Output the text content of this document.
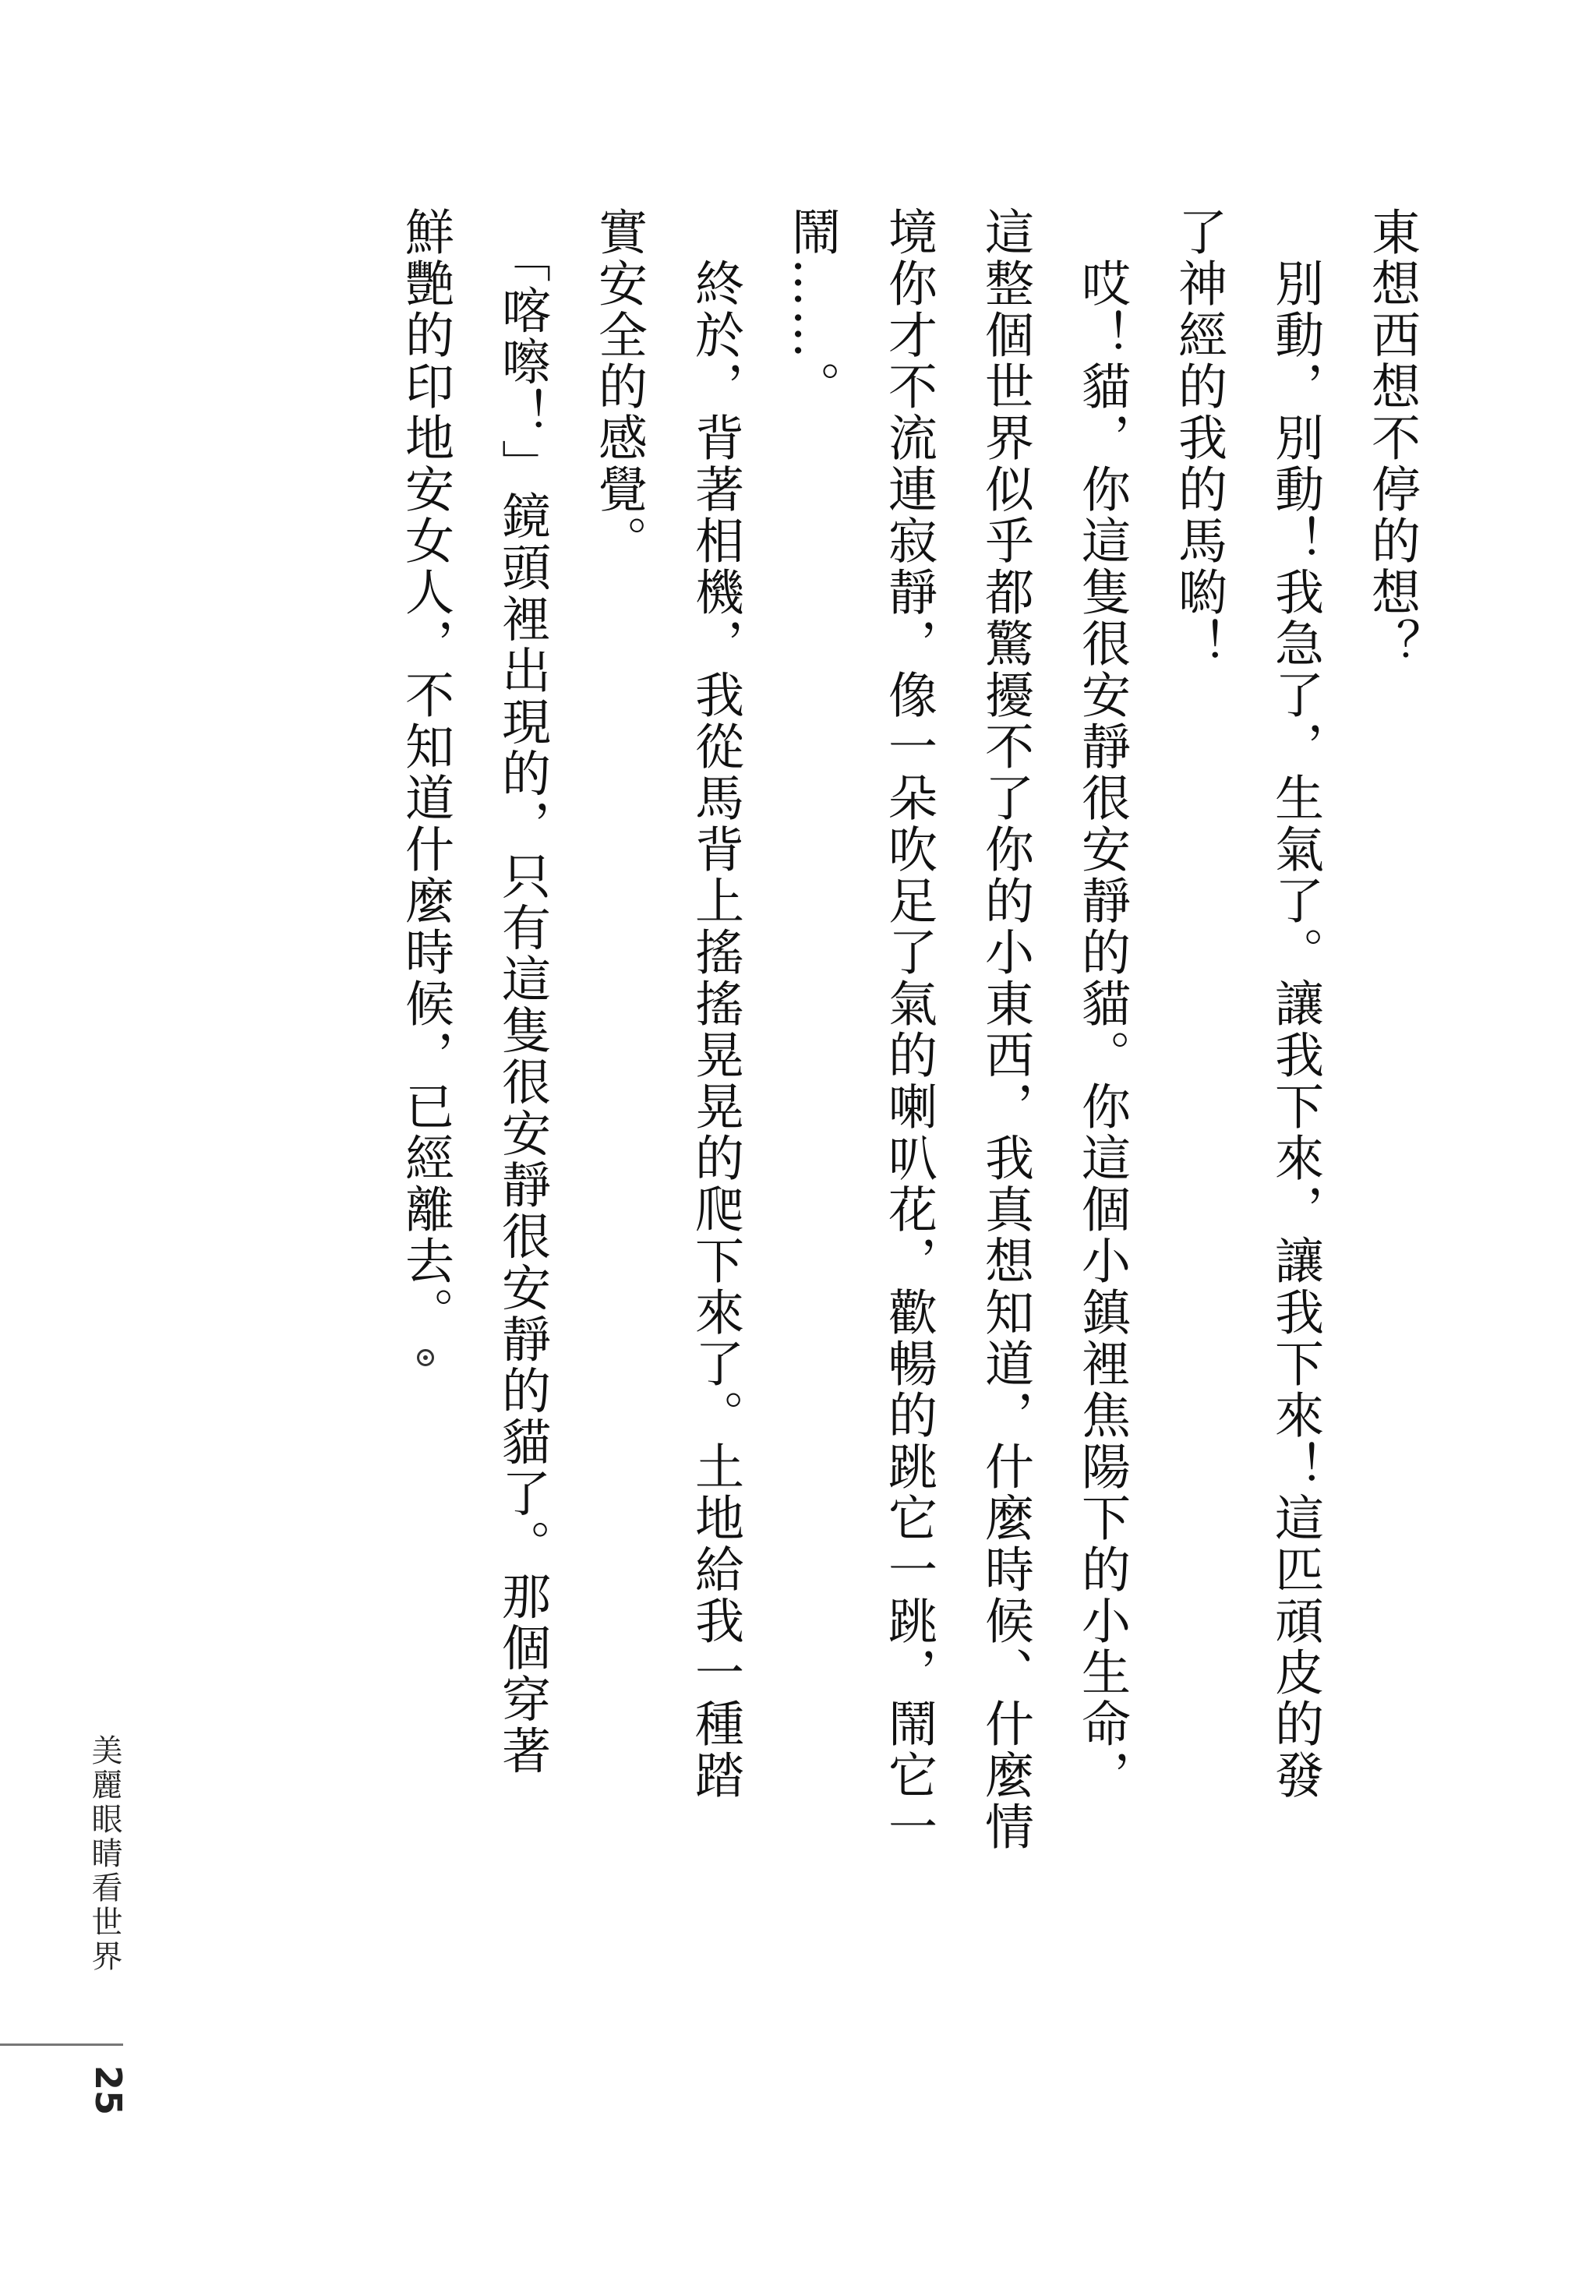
東想西想不停的想？

　別動，別動！我急了，生氣了。讓我下來，讓我下來！這匹頑皮的發

了神經的我的馬喲！

　哎！貓，你這隻很安靜很安靜的貓。你這個小鎮裡焦陽下的小生命，

這整個世界似乎都驚擾不了你的小東西，我真想知道，什麼時候、什麼情

境你才不流連寂靜，像一朵吹足了氣的喇叭花，歡暢的跳它一跳，鬧它一

鬧……。

　終於，背著相機，我從馬背上搖搖晃晃的爬下來了。土地給我一種踏

實安全的感覺。

　「喀嚓！」鏡頭裡出現的，只有這隻很安靜很安靜的貓了。那個穿著

鮮艷的印地安女人，不知道什麼時候，已經離去。

美麗眼睛看世界
25
